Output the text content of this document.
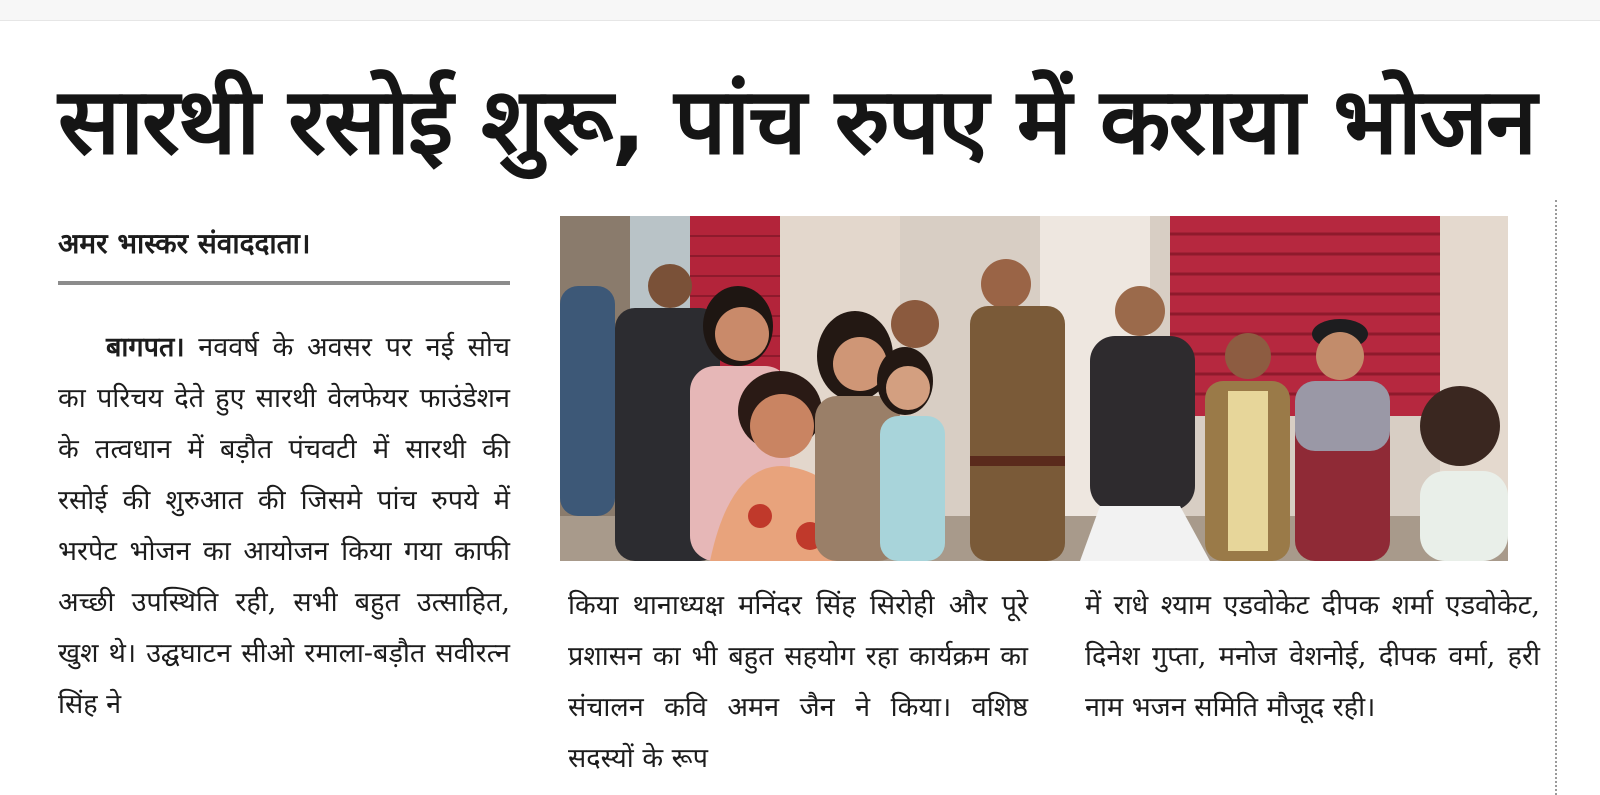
सारथी रसोई शुरू, पांच रुपए में कराया भोजन
अमर भास्कर संवाददाता।

बागपत। नववर्ष के अवसर पर नई सोच का परिचय देते हुए सारथी वेलफेयर फाउंडेशन के तत्वधान में बड़ौत पंचवटी में सारथी की रसोई की शुरुआत की जिसमे पांच रुपये में भरपेट भोजन का आयोजन किया गया काफी अच्छी उपस्थिति रही, सभी बहुत उत्साहित, खुश थे। उद्घघाटन सीओ रमाला-बड़ौत सवीरत्न सिंह ने

किया थानाध्यक्ष मनिंदर सिंह सिरोही और पूरे प्रशासन का भी बहुत सहयोग रहा कार्यक्रम का संचालन कवि अमन जैन ने किया। वशिष्ठ सदस्यों के रूप

में राधे श्याम एडवोकेट दीपक शर्मा एडवोकेट, दिनेश गुप्ता, मनोज वेशनोई, दीपक वर्मा, हरी नाम भजन समिति मौजूद रही।
